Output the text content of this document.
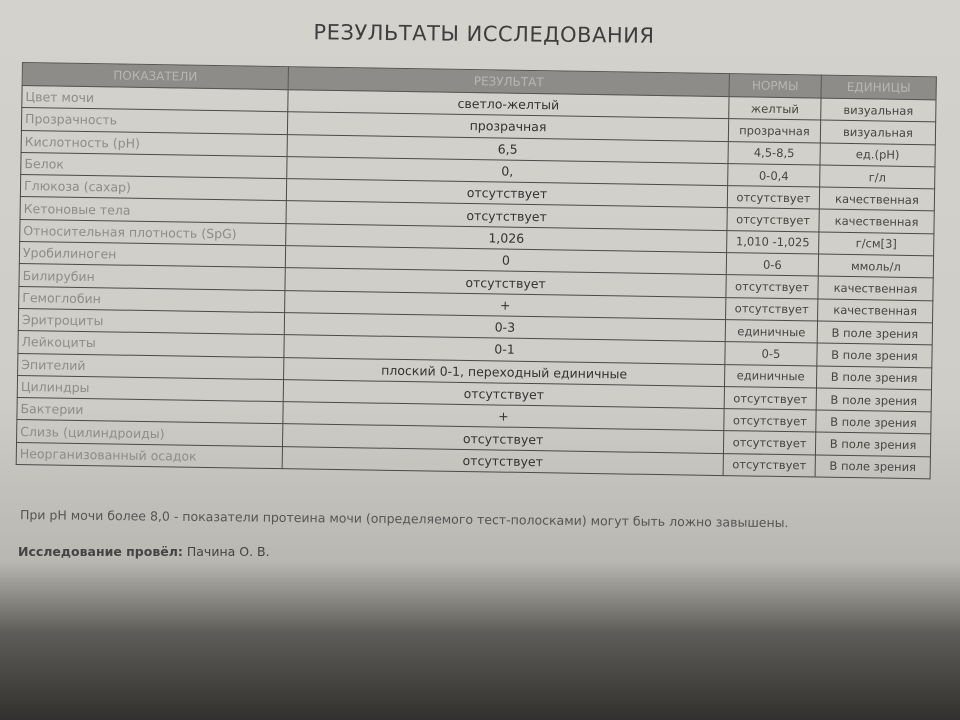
РЕЗУЛЬТАТЫ ИССЛЕДОВАНИЯ
ПОКАЗАТЕЛИ	РЕЗУЛЬТАТ	НОРМЫ	ЕДИНИЦЫ
Цвет мочи	светло-желтый	желтый	визуальная
Прозрачность	прозрачная	прозрачная	визуальная
Кислотность (pH)	6,5	4,5-8,5	ед.(pH)
Белок	0,	0-0,4	г/л
Глюкоза (сахар)	отсутствует	отсутствует	качественная
Кетоновые тела	отсутствует	отсутствует	качественная
Относительная плотность (SpG)	1,026	1,010 -1,025	г/см[3]
Уробилиноген	0	0-6	ммоль/л
Билирубин	отсутствует	отсутствует	качественная
Гемоглобин	+	отсутствует	качественная
Эритроциты	0-3	единичные	В поле зрения
Лейкоциты	0-1	0-5	В поле зрения
Эпителий	плоский 0-1, переходный единичные	единичные	В поле зрения
Цилиндры	отсутствует	отсутствует	В поле зрения
Бактерии	+	отсутствует	В поле зрения
Слизь (цилиндроиды)	отсутствует	отсутствует	В поле зрения
Неорганизованный осадок	отсутствует	отсутствует	В поле зрения
При pH мочи более 8,0 - показатели протеина мочи (определяемого тест-полосками) могут быть ложно завышены.
Исследование провёл: Пачина О. В.
